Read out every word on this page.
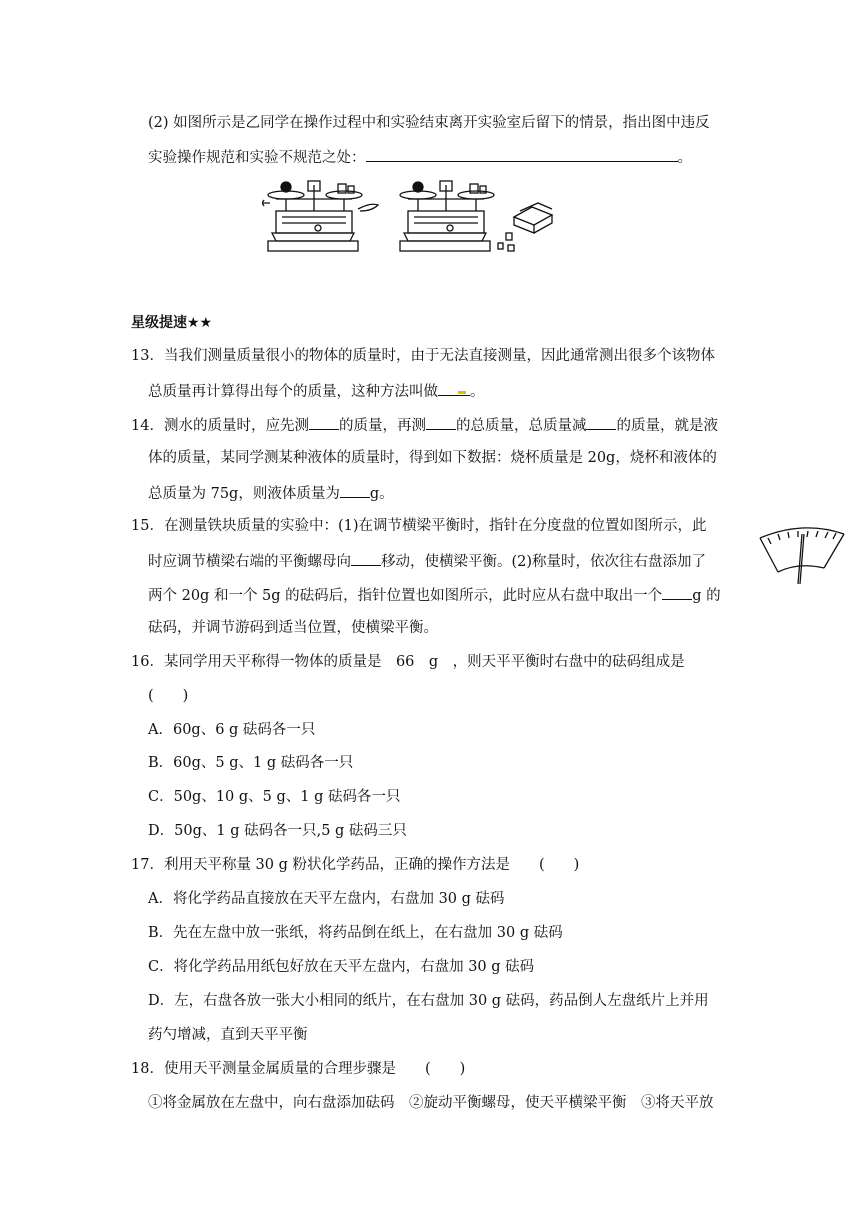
(2) 如图所示是乙同学在操作过程中和实验结束离开实验室后留下的情景，指出图中违反
实验操作规范和实验不规范之处：	。
星级提速★★
13．当我们测量质量很小的物体的质量时，由于无法直接测量，因此通常测出很多个该物体
总质量再计算得出每个的质量，这种方法叫做 。
14．测水的质量时，应先测 的质量，再测 的总质量，总质量减 的质量，就是液
体的质量，某同学测某种液体的质量时，得到如下数据：烧杯质量是 20g，烧杯和液体的
总质量为 75g，则液体质量为 g。
15．在测量铁块质量的实验中：(1)在调节横梁平衡时，指针在分度盘的位置如图所示，此
时应调节横梁右端的平衡螺母向 移动，使横梁平衡。(2)称量时，依次往右盘添加了
两个 20g 和一个 5g 的砝码后，指针位置也如图所示，此时应从右盘中取出一个 g 的
砝码，并调节游码到适当位置，使横梁平衡。
16．某同学用天平称得一物体的质量是　66　g　，则天平平衡时右盘中的砝码组成是
(　　)
A．60g、6 g 砝码各一只
B．60g、5 g、1 g 砝码各一只
C．50g、10 g、5 g、1 g 砝码各一只
D．50g、1 g 砝码各一只,5 g 砝码三只
17．利用天平称量 30 g 粉状化学药品，正确的操作方法是　　(　　)
A．将化学药品直接放在天平左盘内，右盘加 30 g 砝码
B．先在左盘中放一张纸，将药品倒在纸上，在右盘加 30 g 砝码
C．将化学药品用纸包好放在天平左盘内，右盘加 30 g 砝码
D．左，右盘各放一张大小相同的纸片，在右盘加 30 g 砝码，药品倒人左盘纸片上并用
药勺增减，直到天平平衡
18．使用天平测量金属质量的合理步骤是　　(　　)
①将金属放在左盘中，向右盘添加砝码　②旋动平衡螺母，使天平横梁平衡　③将天平放
